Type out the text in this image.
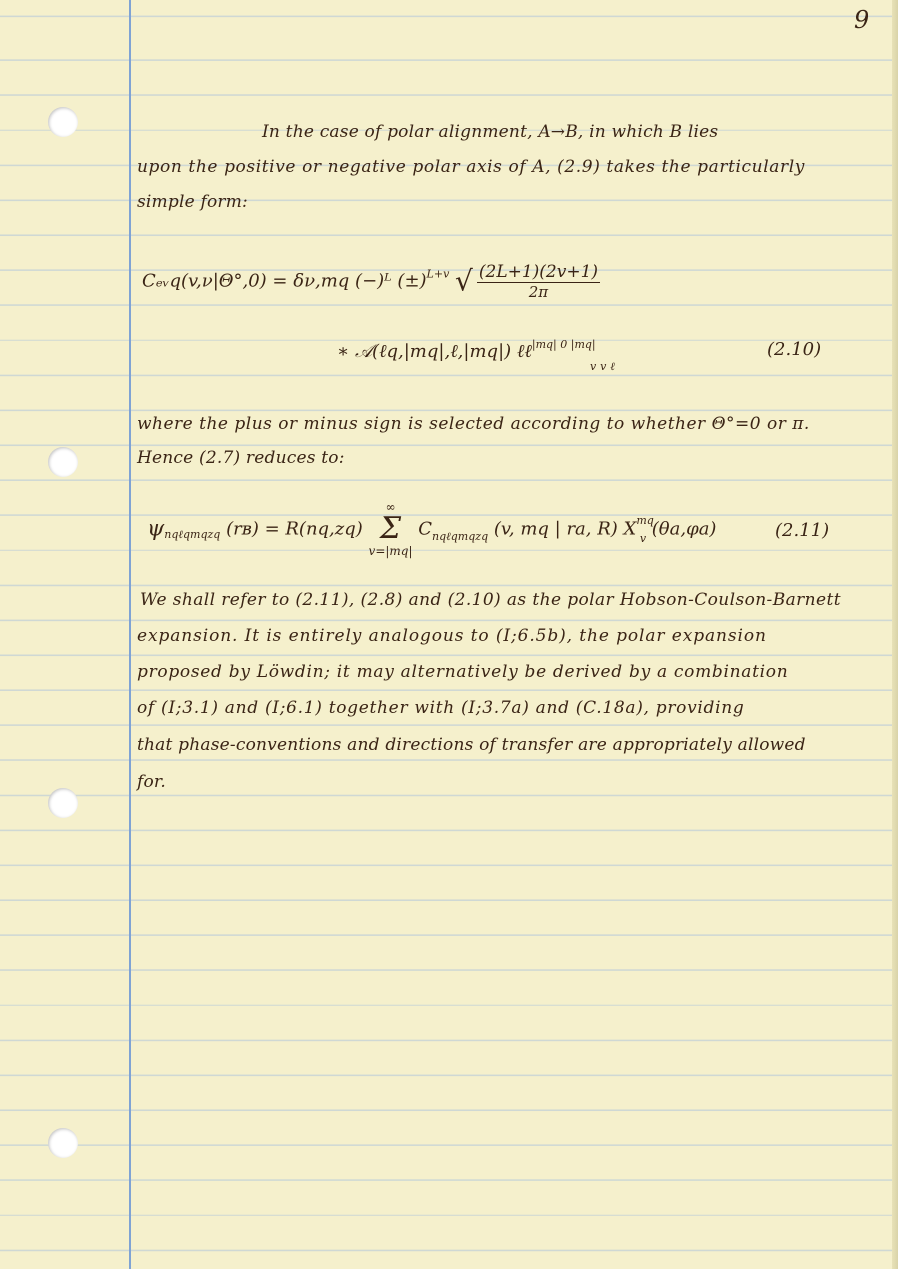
9
In the case of polar alignment, A→B, in which B lies
upon the positive or negative polar axis of A, (2.9) takes the particularly
simple form:
Cₑᵥq(v,ν|Θ°,0) = δν,mq (−)ᴸ $(\pm)^{L+v}$ √ $\frac{(2L+1)(2v+1)}{2\pi}$
∗ 𝒜(ℓq,|mq|,ℓ,|mq|) ℓℓ$^{|mq| 0 |mq|}$
v v ℓ
(2.10)
where the plus or minus sign is selected according to whether Θ°=0 or π.
Hence (2.7) reduces to:
$\psi_{nq\ell qmqzq}$ (rʙ) = R(nq,zq)
∞
Σ
v=|mq|
$C_{nq\ell qmqzq}$ (v, mq | ra, R) $X^{mq}_v$ (θa,φa)	(2.11)
We shall refer to (2.11), (2.8) and (2.10) as the polar Hobson-Coulson-Barnett
expansion. It is entirely analogous to (I;6.5b), the polar expansion
proposed by Löwdin; it may alternatively be derived by a combination
of (I;3.1) and (I;6.1) together with (I;3.7a) and (C.18a), providing
that phase-conventions and directions of transfer are appropriately allowed
for.
